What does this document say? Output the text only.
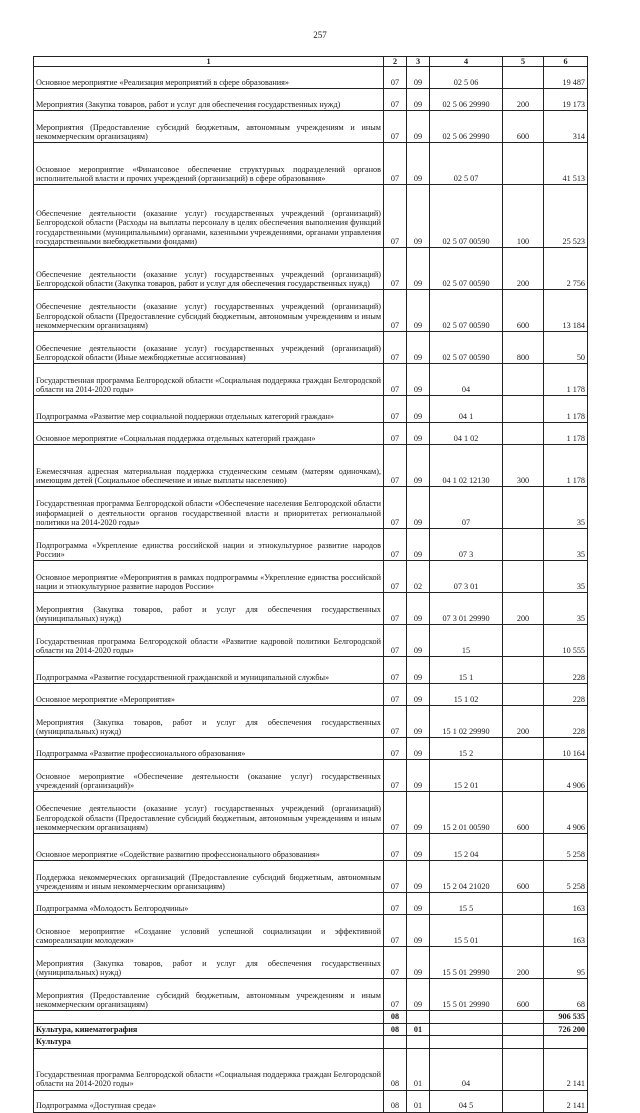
257
1	2	3	4	5	6
Основное мероприятие «Реализация мероприятий в сфере образования»	07	09	02 5 06		19 487
Мероприятия (Закупка товаров, работ и услуг для обеспечения государственных нужд)	07	09	02 5 06 29990	200	19 173
Мероприятия (Предоставление субсидий бюджетным, автономным учреждениям и иным некоммерческим организациям)	07	09	02 5 06 29990	600	314
Основное мероприятие «Финансовое обеспечение структурных подразделений органов исполнительной власти и прочих учреждений (организаций) в сфере образования»	07	09	02 5 07		41 513
Обеспечение деятельности (оказание услуг) государственных учреждений (организаций) Белгородской области (Расходы на выплаты персоналу в целях обеспечения выполнения функций государственными (муниципальными) органами, казенными учреждениями, органами управления государственными внебюджетными фондами)	07	09	02 5 07 00590	100	25 523
Обеспечение деятельности (оказание услуг) государственных учреждений (организаций) Белгородской области (Закупка товаров, работ и услуг для обеспечения государственных нужд)	07	09	02 5 07 00590	200	2 756
Обеспечение деятельности (оказание услуг) государственных учреждений (организаций) Белгородской области (Предоставление субсидий бюджетным, автономным учреждениям и иным некоммерческим организациям)	07	09	02 5 07 00590	600	13 184
Обеспечение деятельности (оказание услуг) государственных учреждений (организаций) Белгородской области (Иные межбюджетные ассигнования)	07	09	02 5 07 00590	800	50
Государственная программа Белгородской области «Социальная поддержка граждан Белгородской области на 2014-2020 годы»	07	09	04		1 178
Подпрограмма «Развитие мер социальной поддержки отдельных категорий граждан»	07	09	04 1		1 178
Основное мероприятие «Социальная поддержка отдельных категорий граждан»	07	09	04 1 02		1 178
Ежемесячная адресная материальная поддержка студенческим семьям (матерям одиночкам), имеющим детей (Социальное обеспечение и иные выплаты населению)	07	09	04 1 02 12130	300	1 178
Государственная программа Белгородской области «Обеспечение населения Белгородской области информацией о деятельности органов государственной власти и приоритетах региональной политики на 2014-2020 годы»	07	09	07		35
Подпрограмма «Укрепление единства российской нации и этнокультурное развитие народов России»	07	09	07 3		35
Основное мероприятие «Мероприятия в рамках подпрограммы «Укрепление единства российской нации и этнокультурное развитие народов России»	07	02	07 3 01		35
Мероприятия (Закупка товаров, работ и услуг для обеспечения государственных (муниципальных) нужд)	07	09	07 3 01 29990	200	35
Государственная программа Белгородской области «Развитие кадровой политики Белгородской области на 2014-2020 годы»	07	09	15		10 555
Подпрограмма «Развитие государственной гражданской и муниципальной службы»	07	09	15 1		228
Основное мероприятие «Мероприятия»	07	09	15 1 02		228
Мероприятия (Закупка товаров, работ и услуг для обеспечения государственных (муниципальных) нужд)	07	09	15 1 02 29990	200	228
Подпрограмма «Развитие профессионального образования»	07	09	15 2		10 164
Основное мероприятие «Обеспечение деятельности (оказание услуг) государственных учреждений (организаций)»	07	09	15 2 01		4 906
Обеспечение деятельности (оказание услуг) государственных учреждений (организаций) Белгородской области (Предоставление субсидий бюджетным, автономным учреждениям и иным некоммерческим организациям)	07	09	15 2 01 00590	600	4 906
Основное мероприятие «Содействие развитию профессионального образования»	07	09	15 2 04		5 258
Поддержка некоммерческих организаций (Предоставление субсидий бюджетным, автономным учреждениям и иным некоммерческим организациям)	07	09	15 2 04 21020	600	5 258
Подпрограмма «Молодость Белгородчины»	07	09	15 5		163
Основное мероприятие «Создание условий успешной социализации и эффективной самореализации молодежи»	07	09	15 5 01		163
Мероприятия (Закупка товаров, работ и услуг для обеспечения государственных (муниципальных) нужд)	07	09	15 5 01 29990	200	95
Мероприятия (Предоставление субсидий бюджетным, автономным учреждениям и иным некоммерческим организациям)	07	09	15 5 01 29990	600	68
	08				906 535
Культура, кинематография	08	01			726 200
Культура					
Государственная программа Белгородской области «Социальная поддержка граждан Белгородской области на 2014-2020 годы»	08	01	04		2 141
Подпрограмма «Доступная среда»	08	01	04 5		2 141
